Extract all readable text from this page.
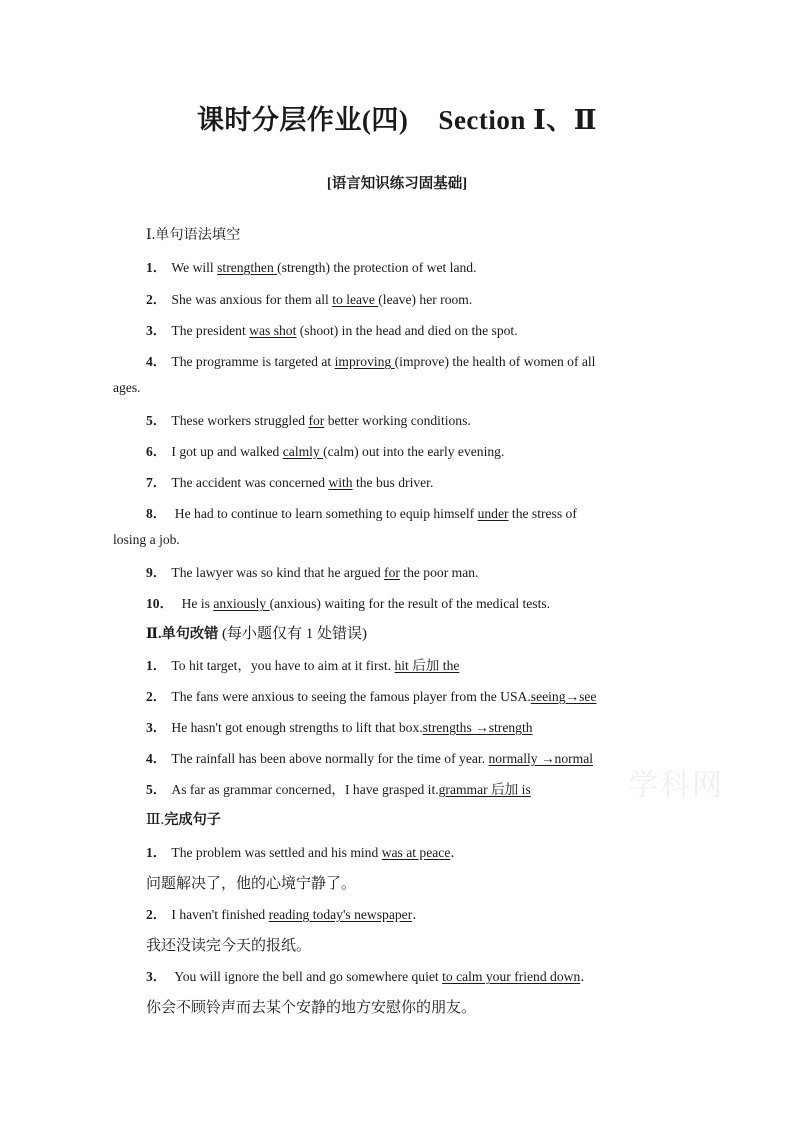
课时分层作业(四) Section Ⅰ、Ⅱ
[语言知识练习固基础]
学科网
Ⅰ.单句语法填空
1． We will strengthen (strength) the protection of wet land.
2． She was anxious for them all to leave (leave) her room.
3． The president was shot (shoot) in the head and died on the spot.
4． The programme is targeted at improving (improve) the health of women of all
ages.
5． These workers struggled for better working conditions.
6． I got up and walked calmly (calm) out into the early evening.
7． The accident was concerned with the bus driver.
8． He had to continue to learn something to equip himself under the stress of
losing a job.
9． The lawyer was so kind that he argued for the poor man.
10． He is anxiously (anxious) waiting for the result of the medical tests.
Ⅱ.单句改错 (每小题仅有 1 处错误)
1． To hit target，you have to aim at it first. hit 后加 the
2． The fans were anxious to seeing the famous player from the USA.seeing→see
3． He hasn't got enough strengths to lift that box.strengths →strength
4． The rainfall has been above normally for the time of year. normally →normal
5． As far as grammar concerned，I have grasped it.grammar 后加 is
Ⅲ.完成句子
1． The problem was settled and his mind was at peace．
问题解决了，他的心境宁静了。
2． I haven't finished reading today's newspaper．
我还没读完今天的报纸。
3． You will ignore the bell and go somewhere quiet to calm your friend down．
你会不顾铃声而去某个安静的地方安慰你的朋友。
